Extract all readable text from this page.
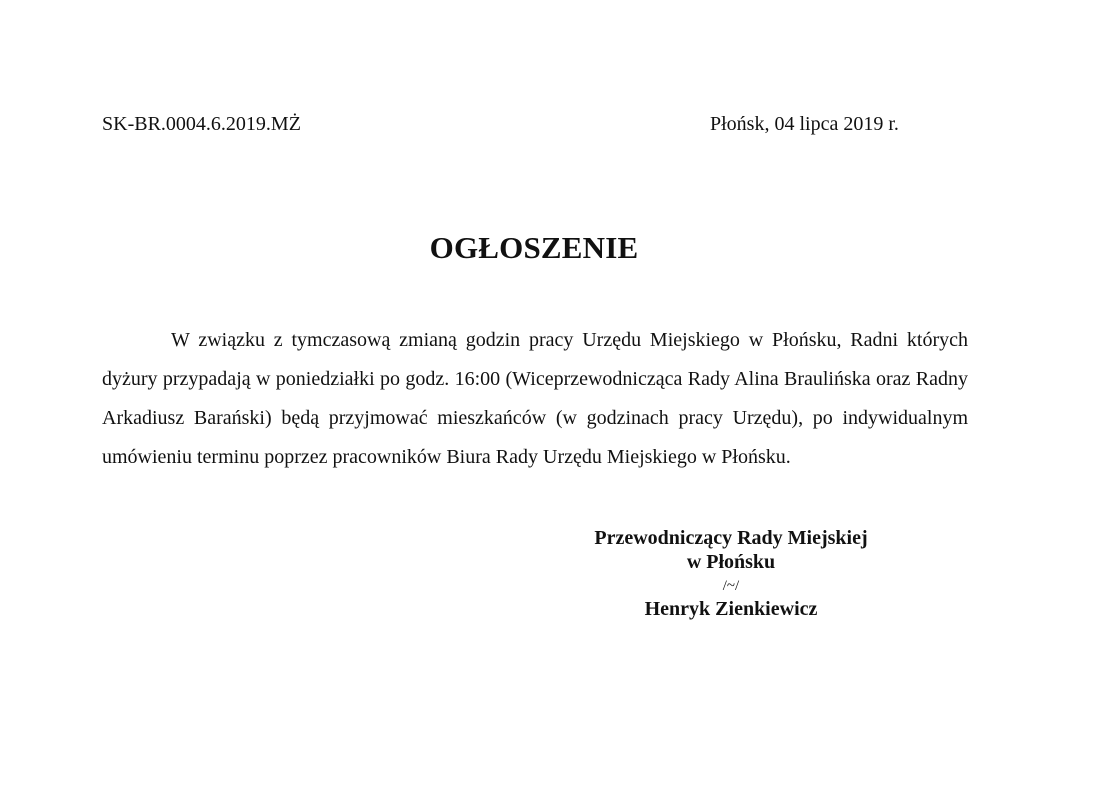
SK-BR.0004.6.2019.MŻ	Płońsk, 04 lipca 2019 r.
OGŁOSZENIE

W związku z tymczasową zmianą godzin pracy Urzędu Miejskiego w Płońsku, Radni których dyżury przypadają w poniedziałki po godz. 16:00 (Wiceprzewodnicząca Rady Alina Braulińska oraz Radny Arkadiusz Barański) będą przyjmować mieszkańców (w godzinach pracy Urzędu), po indywidualnym umówieniu terminu poprzez pracowników Biura Rady Urzędu Miejskiego w Płońsku.

Przewodniczący Rady Miejskiej
w Płońsku
/~/
Henryk Zienkiewicz
